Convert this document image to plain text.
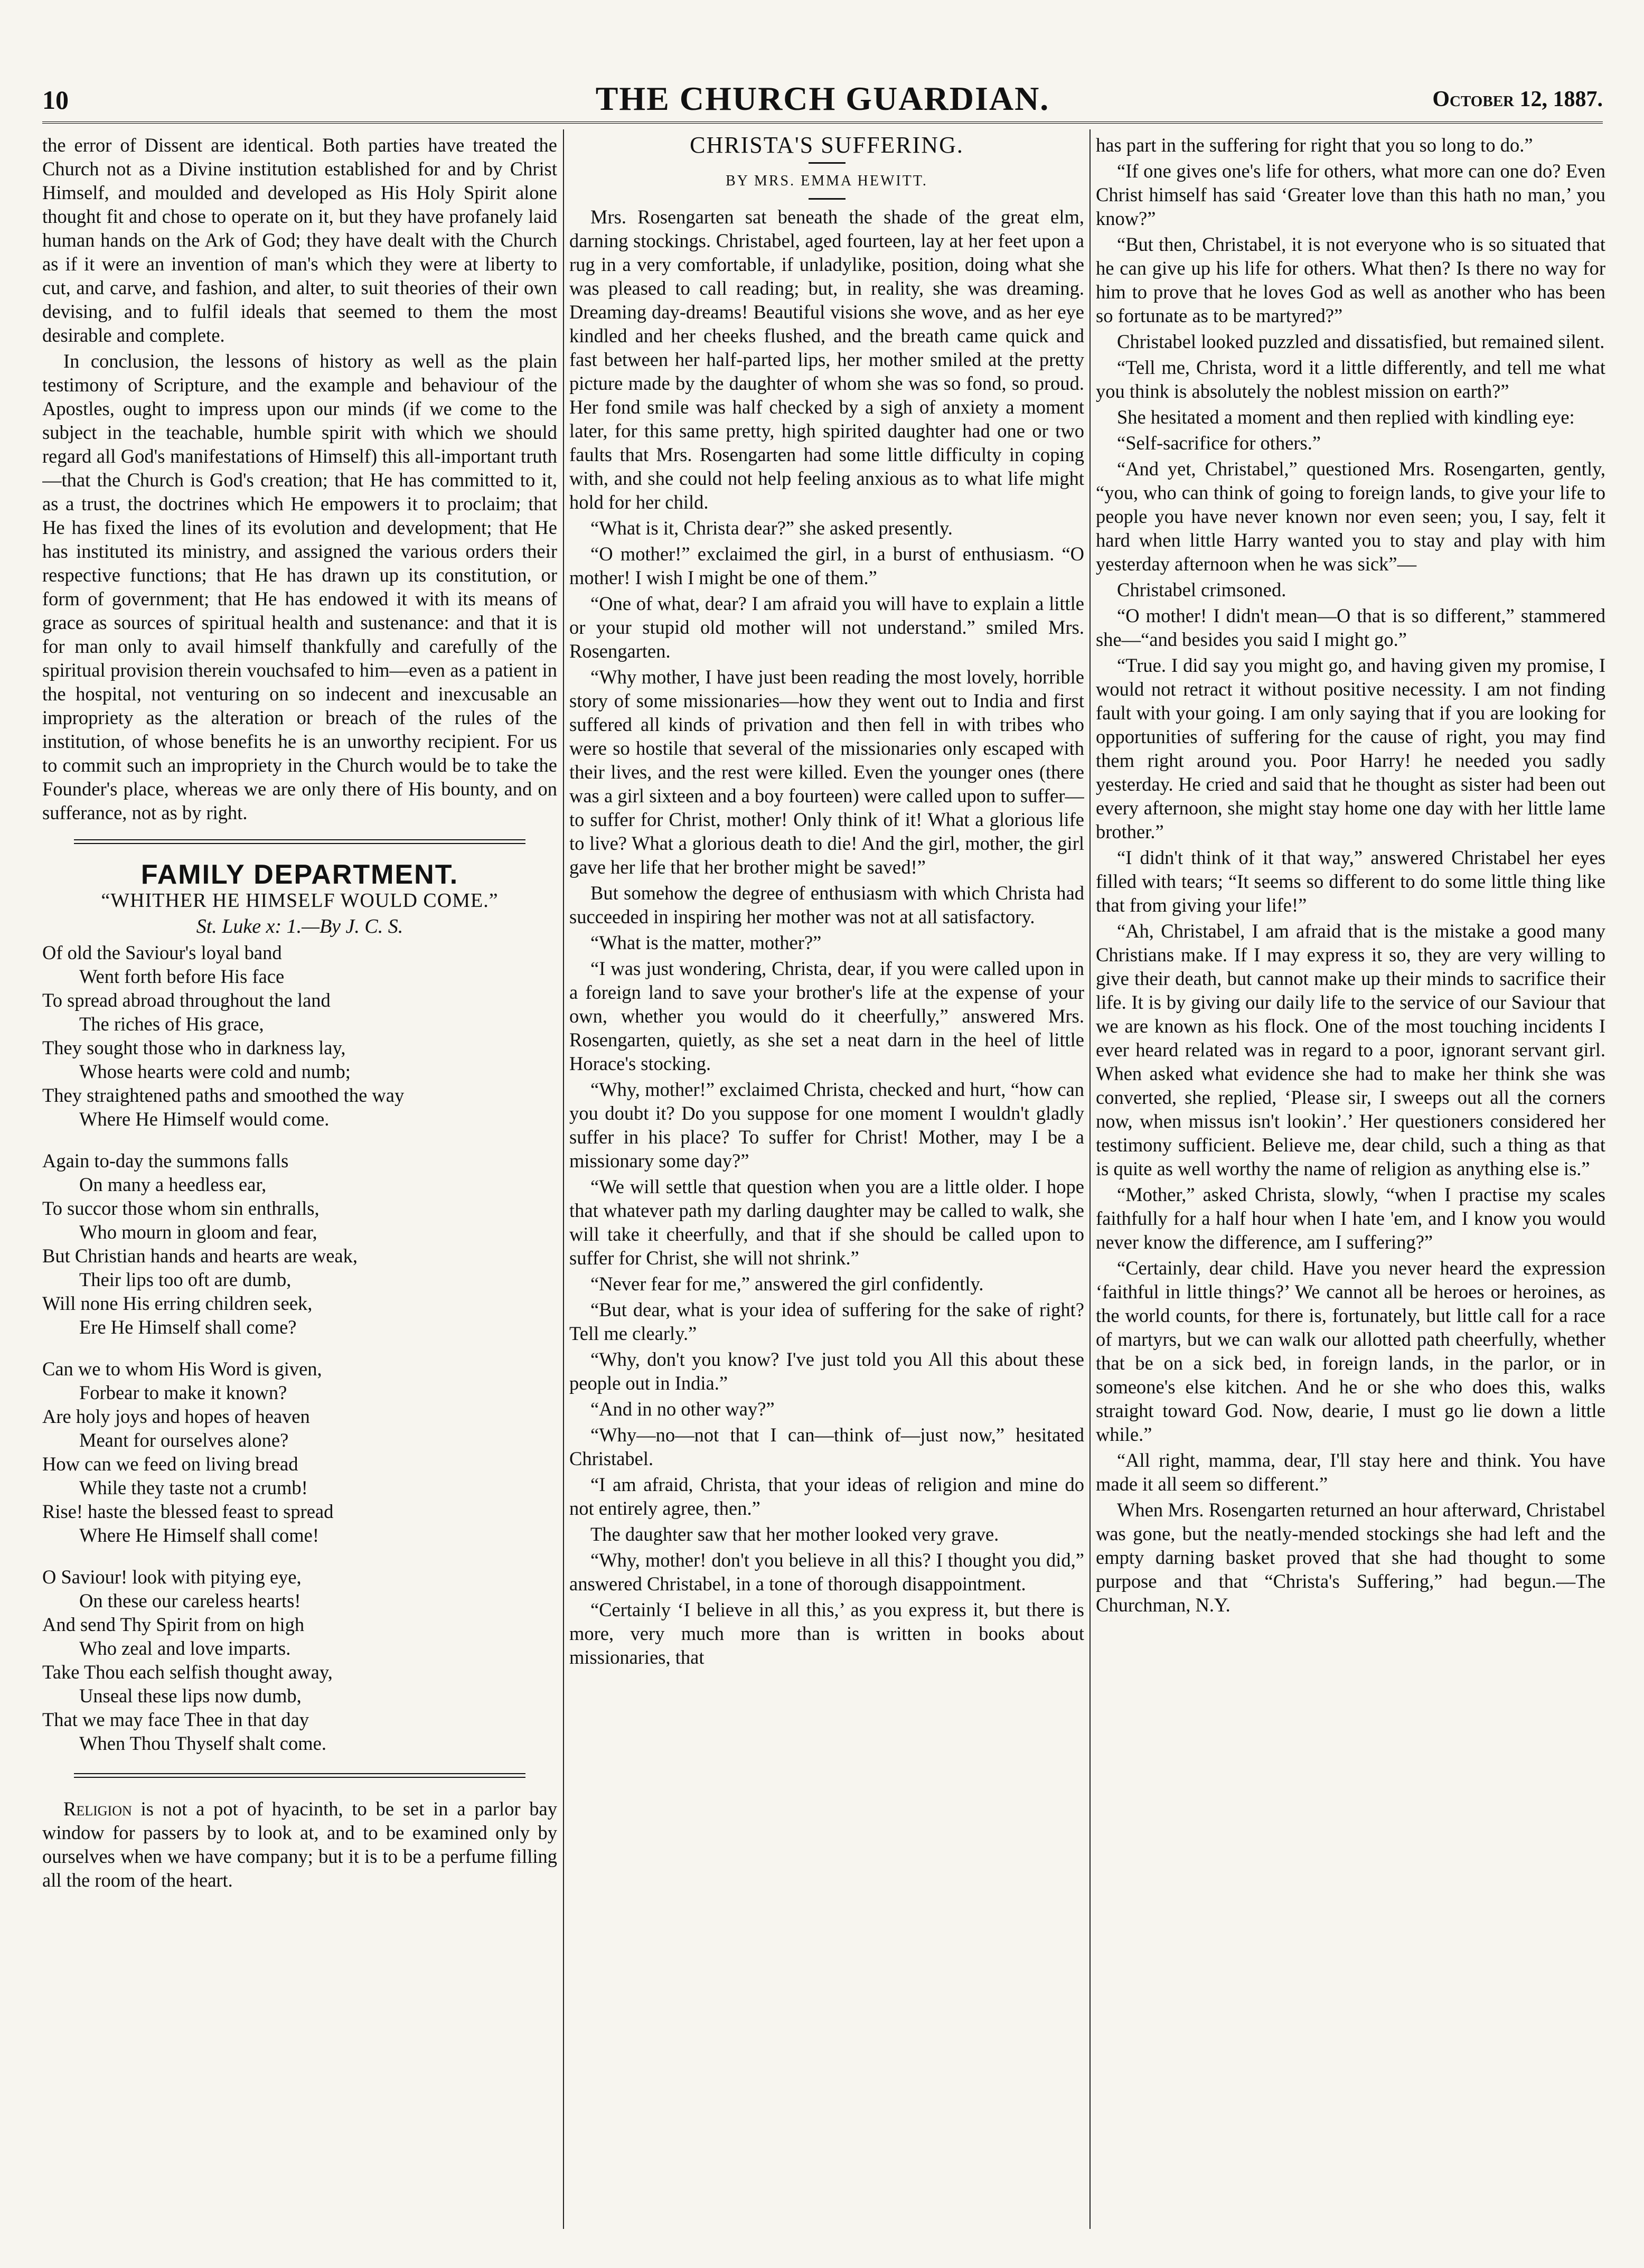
10	THE CHURCH GUARDIAN.	October 12, 1887.

the error of Dissent are identical. Both parties have treated the Church not as a Divine institution established for and by Christ Himself, and moulded and developed as His Holy Spirit alone thought fit and chose to operate on it, but they have profanely laid human hands on the Ark of God; they have dealt with the Church as if it were an invention of man's which they were at liberty to cut, and carve, and fashion, and alter, to suit theories of their own devising, and to fulfil ideals that seemed to them the most desirable and complete.

In conclusion, the lessons of history as well as the plain testimony of Scripture, and the example and behaviour of the Apostles, ought to impress upon our minds (if we come to the subject in the teachable, humble spirit with which we should regard all God's manifestations of Himself) this all-important truth—that the Church is God's creation; that He has committed to it, as a trust, the doctrines which He empowers it to proclaim; that He has fixed the lines of its evolution and development; that He has instituted its ministry, and assigned the various orders their respective functions; that He has drawn up its constitution, or form of government; that He has endowed it with its means of grace as sources of spiritual health and sustenance: and that it is for man only to avail himself thankfully and carefully of the spiritual provision therein vouchsafed to him—even as a patient in the hospital, not venturing on so indecent and inexcusable an impropriety as the alteration or breach of the rules of the institution, of whose benefits he is an unworthy recipient. For us to commit such an impropriety in the Church would be to take the Founder's place, whereas we are only there of His bounty, and on sufferance, not as by right.

FAMILY DEPARTMENT.

“WHITHER HE HIMSELF WOULD COME.”

St. Luke x: 1.—By J. C. S.

Of old the Saviour's loyal band
Went forth before His face
To spread abroad throughout the land
The riches of His grace,
They sought those who in darkness lay,
Whose hearts were cold and numb;
They straightened paths and smoothed the way
Where He Himself would come.
Again to-day the summons falls
On many a heedless ear,
To succor those whom sin enthralls,
Who mourn in gloom and fear,
But Christian hands and hearts are weak,
Their lips too oft are dumb,
Will none His erring children seek,
Ere He Himself shall come?
Can we to whom His Word is given,
Forbear to make it known?
Are holy joys and hopes of heaven
Meant for ourselves alone?
How can we feed on living bread
While they taste not a crumb!
Rise! haste the blessed feast to spread
Where He Himself shall come!
O Saviour! look with pitying eye,
On these our careless hearts!
And send Thy Spirit from on high
Who zeal and love imparts.
Take Thou each selfish thought away,
Unseal these lips now dumb,
That we may face Thee in that day
When Thou Thyself shalt come.

Religion is not a pot of hyacinth, to be set in a parlor bay window for passers by to look at, and to be examined only by ourselves when we have company; but it is to be a perfume filling all the room of the heart.

CHRISTA'S SUFFERING.

BY MRS. EMMA HEWITT.

Mrs. Rosengarten sat beneath the shade of the great elm, darning stockings. Christabel, aged fourteen, lay at her feet upon a rug in a very comfortable, if unladylike, position, doing what she was pleased to call reading; but, in reality, she was dreaming. Dreaming day-dreams! Beautiful visions she wove, and as her eye kindled and her cheeks flushed, and the breath came quick and fast between her half-parted lips, her mother smiled at the pretty picture made by the daughter of whom she was so fond, so proud. Her fond smile was half checked by a sigh of anxiety a moment later, for this same pretty, high spirited daughter had one or two faults that Mrs. Rosengarten had some little difficulty in coping with, and she could not help feeling anxious as to what life might hold for her child.

“What is it, Christa dear?” she asked presently.

“O mother!” exclaimed the girl, in a burst of enthusiasm. “O mother! I wish I might be one of them.”

“One of what, dear? I am afraid you will have to explain a little or your stupid old mother will not understand.” smiled Mrs. Rosengarten.

“Why mother, I have just been reading the most lovely, horrible story of some missionaries—how they went out to India and first suffered all kinds of privation and then fell in with tribes who were so hostile that several of the missionaries only escaped with their lives, and the rest were killed. Even the younger ones (there was a girl sixteen and a boy fourteen) were called upon to suffer—to suffer for Christ, mother! Only think of it! What a glorious life to live? What a glorious death to die! And the girl, mother, the girl gave her life that her brother might be saved!”

But somehow the degree of enthusiasm with which Christa had succeeded in inspiring her mother was not at all satisfactory.

“What is the matter, mother?”

“I was just wondering, Christa, dear, if you were called upon in a foreign land to save your brother's life at the expense of your own, whether you would do it cheerfully,” answered Mrs. Rosengarten, quietly, as she set a neat darn in the heel of little Horace's stocking.

“Why, mother!” exclaimed Christa, checked and hurt, “how can you doubt it? Do you suppose for one moment I wouldn't gladly suffer in his place? To suffer for Christ! Mother, may I be a missionary some day?”

“We will settle that question when you are a little older. I hope that whatever path my darling daughter may be called to walk, she will take it cheerfully, and that if she should be called upon to suffer for Christ, she will not shrink.”

“Never fear for me,” answered the girl confidently.

“But dear, what is your idea of suffering for the sake of right? Tell me clearly.”

“Why, don't you know? I've just told you All this about these people out in India.”

“And in no other way?”

“Why—no—not that I can—think of—just now,” hesitated Christabel.

“I am afraid, Christa, that your ideas of religion and mine do not entirely agree, then.”

The daughter saw that her mother looked very grave.

“Why, mother! don't you believe in all this? I thought you did,” answered Christabel, in a tone of thorough disappointment.

“Certainly ‘I believe in all this,’ as you express it, but there is more, very much more than is written in books about missionaries, that

has part in the suffering for right that you so long to do.”

“If one gives one's life for others, what more can one do? Even Christ himself has said ‘Greater love than this hath no man,’ you know?”

“But then, Christabel, it is not everyone who is so situated that he can give up his life for others. What then? Is there no way for him to prove that he loves God as well as another who has been so fortunate as to be martyred?”

Christabel looked puzzled and dissatisfied, but remained silent.

“Tell me, Christa, word it a little differently, and tell me what you think is absolutely the noblest mission on earth?”

She hesitated a moment and then replied with kindling eye:

“Self-sacrifice for others.”

“And yet, Christabel,” questioned Mrs. Rosengarten, gently, “you, who can think of going to foreign lands, to give your life to people you have never known nor even seen; you, I say, felt it hard when little Harry wanted you to stay and play with him yesterday afternoon when he was sick”—

Christabel crimsoned.

“O mother! I didn't mean—O that is so different,” stammered she—“and besides you said I might go.”

“True. I did say you might go, and having given my promise, I would not retract it without positive necessity. I am not finding fault with your going. I am only saying that if you are looking for opportunities of suffering for the cause of right, you may find them right around you. Poor Harry! he needed you sadly yesterday. He cried and said that he thought as sister had been out every afternoon, she might stay home one day with her little lame brother.”

“I didn't think of it that way,” answered Christabel her eyes filled with tears; “It seems so different to do some little thing like that from giving your life!”

“Ah, Christabel, I am afraid that is the mistake a good many Christians make. If I may express it so, they are very willing to give their death, but cannot make up their minds to sacrifice their life. It is by giving our daily life to the service of our Saviour that we are known as his flock. One of the most touching incidents I ever heard related was in regard to a poor, ignorant servant girl. When asked what evidence she had to make her think she was converted, she replied, ‘Please sir, I sweeps out all the corners now, when missus isn't lookin’.’ Her questioners considered her testimony sufficient. Believe me, dear child, such a thing as that is quite as well worthy the name of religion as anything else is.”

“Mother,” asked Christa, slowly, “when I practise my scales faithfully for a half hour when I hate 'em, and I know you would never know the difference, am I suffering?”

“Certainly, dear child. Have you never heard the expression ‘faithful in little things?’ We cannot all be heroes or heroines, as the world counts, for there is, fortunately, but little call for a race of martyrs, but we can walk our allotted path cheerfully, whether that be on a sick bed, in foreign lands, in the parlor, or in someone's else kitchen. And he or she who does this, walks straight toward God. Now, dearie, I must go lie down a little while.”

“All right, mamma, dear, I'll stay here and think. You have made it all seem so different.”

When Mrs. Rosengarten returned an hour afterward, Christabel was gone, but the neatly-mended stockings she had left and the empty darning basket proved that she had thought to some purpose and that “Christa's Suffering,” had begun.—The Churchman, N.Y.
